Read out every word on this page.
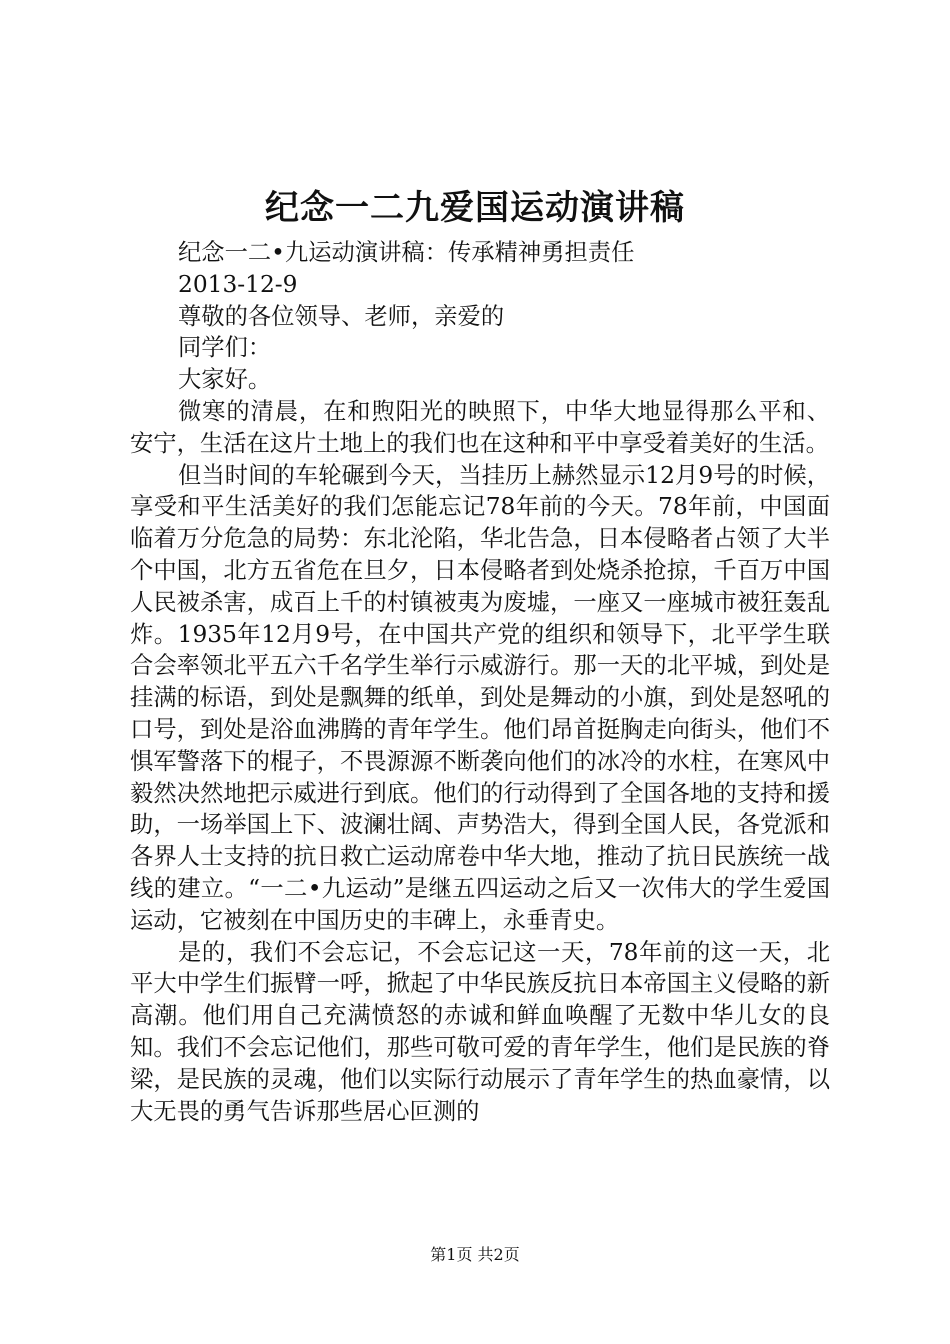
纪念一二九爱国运动演讲稿

纪念一二•九运动演讲稿：传承精神勇担责任

2013-12-9

尊敬的各位领导、老师，亲爱的

同学们：

大家好。

微寒的清晨，在和煦阳光的映照下，中华大地显得那么平和、安宁，生活在这片土地上的我们也在这种和平中享受着美好的生活。

但当时间的车轮碾到今天，当挂历上赫然显示12月9号的时候，享受和平生活美好的我们怎能忘记78年前的今天。78年前，中国面临着万分危急的局势：东北沦陷，华北告急，日本侵略者占领了大半个中国，北方五省危在旦夕，日本侵略者到处烧杀抢掠，千百万中国人民被杀害，成百上千的村镇被夷为废墟，一座又一座城市被狂轰乱炸。1935年12月9号，在中国共产党的组织和领导下，北平学生联合会率领北平五六千名学生举行示威游行。那一天的北平城，到处是挂满的标语，到处是飘舞的纸单，到处是舞动的小旗，到处是怒吼的口号，到处是浴血沸腾的青年学生。他们昂首挺胸走向街头，他们不惧军警落下的棍子，不畏源源不断袭向他们的冰冷的水柱，在寒风中毅然决然地把示威进行到底。他们的行动得到了全国各地的支持和援助，一场举国上下、波澜壮阔、声势浩大，得到全国人民，各党派和各界人士支持的抗日救亡运动席卷中华大地，推动了抗日民族统一战线的建立。“一二•九运动”是继五四运动之后又一次伟大的学生爱国运动，它被刻在中国历史的丰碑上，永垂青史。

是的，我们不会忘记，不会忘记这一天，78年前的这一天，北平大中学生们振臂一呼，掀起了中华民族反抗日本帝国主义侵略的新高潮。他们用自己充满愤怒的赤诚和鲜血唤醒了无数中华儿女的良知。我们不会忘记他们，那些可敬可爱的青年学生，他们是民族的脊梁，是民族的灵魂，他们以实际行动展示了青年学生的热血豪情，以大无畏的勇气告诉那些居心叵测的

第1页 共2页
